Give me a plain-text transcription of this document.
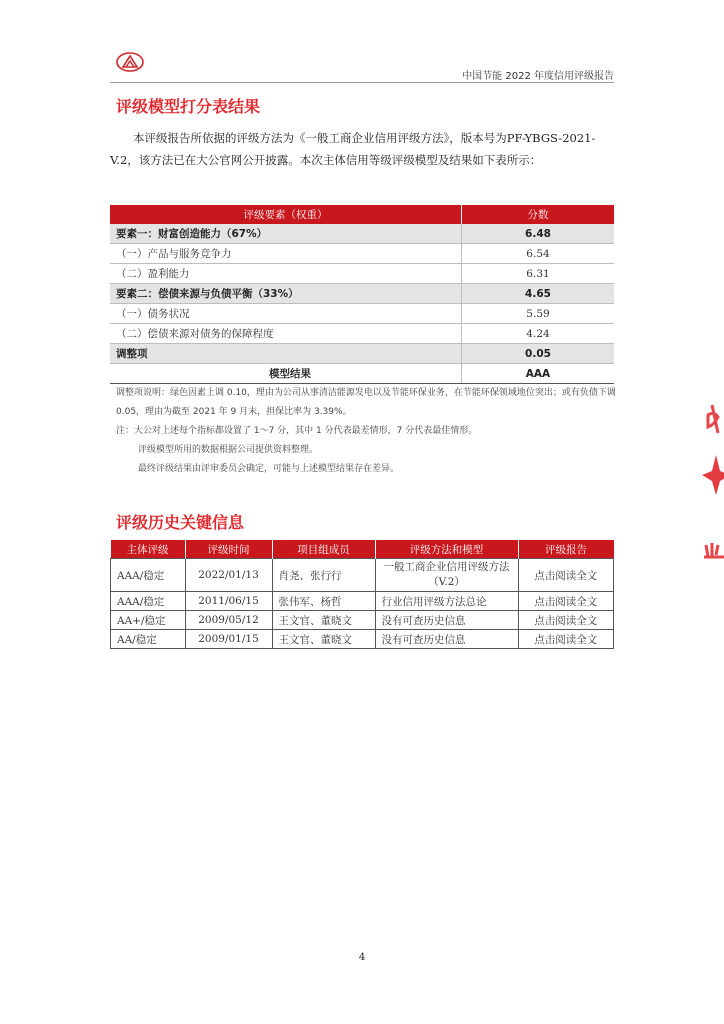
中国节能 2022 年度信用评级报告
评级模型打分表结果

本评级报告所依据的评级方法为《一般工商企业信用评级方法》，版本号为PF-YBGS-2021-V.2，该方法已在大公官网公开披露。本次主体信用等级评级模型及结果如下表所示：

评级要素（权重）	分数
要素一：财富创造能力（67%）	6.48
（一）产品与服务竞争力	6.54
（二）盈利能力	6.31
要素二：偿债来源与负债平衡（33%）	4.65
（一）债务状况	5.59
（二）偿债来源对债务的保障程度	4.24
调整项	0.05
模型结果	AAA

调整项说明：绿色因素上调 0.10，理由为公司从事清洁能源发电以及节能环保业务，在节能环保领域地位突出；或有负债下调 0.05，理由为截至 2021 年 9 月末，担保比率为 3.39%。

注：大公对上述每个指标都设置了 1～7 分，其中 1 分代表最差情形，7 分代表最佳情形。

评级模型所用的数据根据公司提供资料整理。

最终评级结果由评审委员会确定，可能与上述模型结果存在差异。

评级历史关键信息
主体评级	评级时间	项目组成员	评级方法和模型	评级报告
AAA/稳定	2022/01/13	肖尧、张行行	一般工商企业信用评级方法（V.2）	点击阅读全文
AAA/稳定	2011/06/15	张伟军、杨哲	行业信用评级方法总论	点击阅读全文
AA+/稳定	2009/05/12	王文官、董晓文	没有可查历史信息	点击阅读全文
AA/稳定	2009/01/15	王文官、董晓文	没有可查历史信息	点击阅读全文
4
